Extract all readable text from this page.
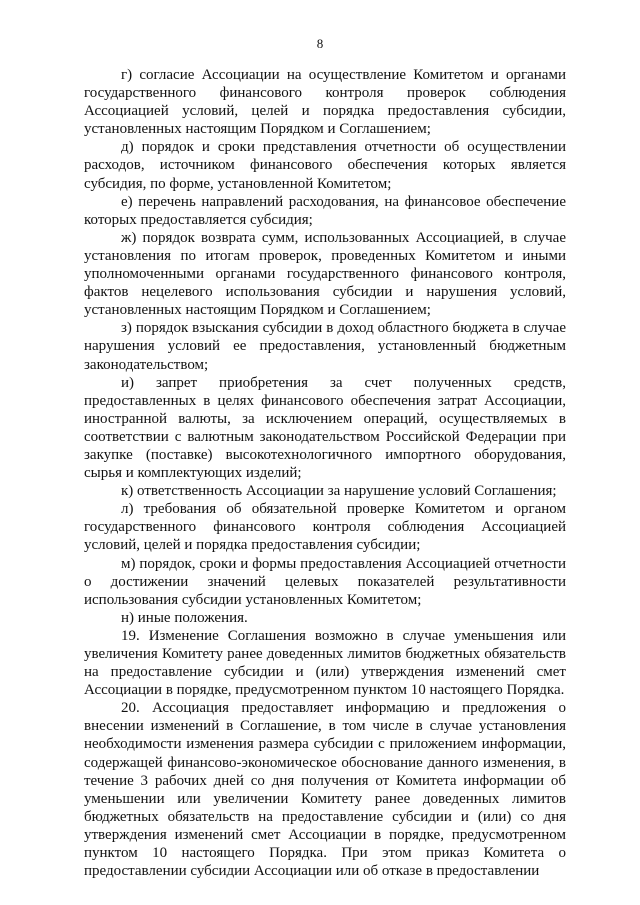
8

г) согласие Ассоциации на осуществление Комитетом и органами государственного финансового контроля проверок соблюдения Ассоциацией условий, целей и порядка предоставления субсидии, установленных настоящим Порядком и Соглашением;

д) порядок и сроки представления отчетности об осуществлении расходов, источником финансового обеспечения которых является субсидия, по форме, установленной Комитетом;

е) перечень направлений расходования, на финансовое обеспечение которых предоставляется субсидия;

ж) порядок возврата сумм, использованных Ассоциацией, в случае установления по итогам проверок, проведенных Комитетом и иными уполномоченными органами государственного финансового контроля, фактов нецелевого использования субсидии и нарушения условий, установленных настоящим Порядком и Соглашением;

з) порядок взыскания субсидии в доход областного бюджета в случае нарушения условий ее предоставления, установленный бюджетным законодательством;

и) запрет приобретения за счет полученных средств, предоставленных в целях финансового обеспечения затрат Ассоциации, иностранной валюты, за исключением операций, осуществляемых в соответствии с валютным законодательством Российской Федерации при закупке (поставке) высокотехнологичного импортного оборудования, сырья и комплектующих изделий;

к) ответственность Ассоциации за нарушение условий Соглашения;

л) требования об обязательной проверке Комитетом и органом государственного финансового контроля соблюдения Ассоциацией условий, целей и порядка предоставления субсидии;

м) порядок, сроки и формы предоставления Ассоциацией отчетности о достижении значений целевых показателей результативности использования субсидии установленных Комитетом;

н) иные положения.

19. Изменение Соглашения возможно в случае уменьшения или увеличения Комитету ранее доведенных лимитов бюджетных обязательств на предоставление субсидии и (или) утверждения изменений смет Ассоциации в порядке, предусмотренном пунктом 10 настоящего Порядка.

20. Ассоциация предоставляет информацию и предложения о внесении изменений в Соглашение, в том числе в случае установления необходимости изменения размера субсидии с приложением информации, содержащей финансово-экономическое обоснование данного изменения, в течение 3 рабочих дней со дня получения от Комитета информации об уменьшении или увеличении Комитету ранее доведенных лимитов бюджетных обязательств на предоставление субсидии и (или) со дня утверждения изменений смет Ассоциации в порядке, предусмотренном пунктом 10 настоящего Порядка. При этом приказ Комитета о предоставлении субсидии Ассоциации или об отказе в предоставлении
